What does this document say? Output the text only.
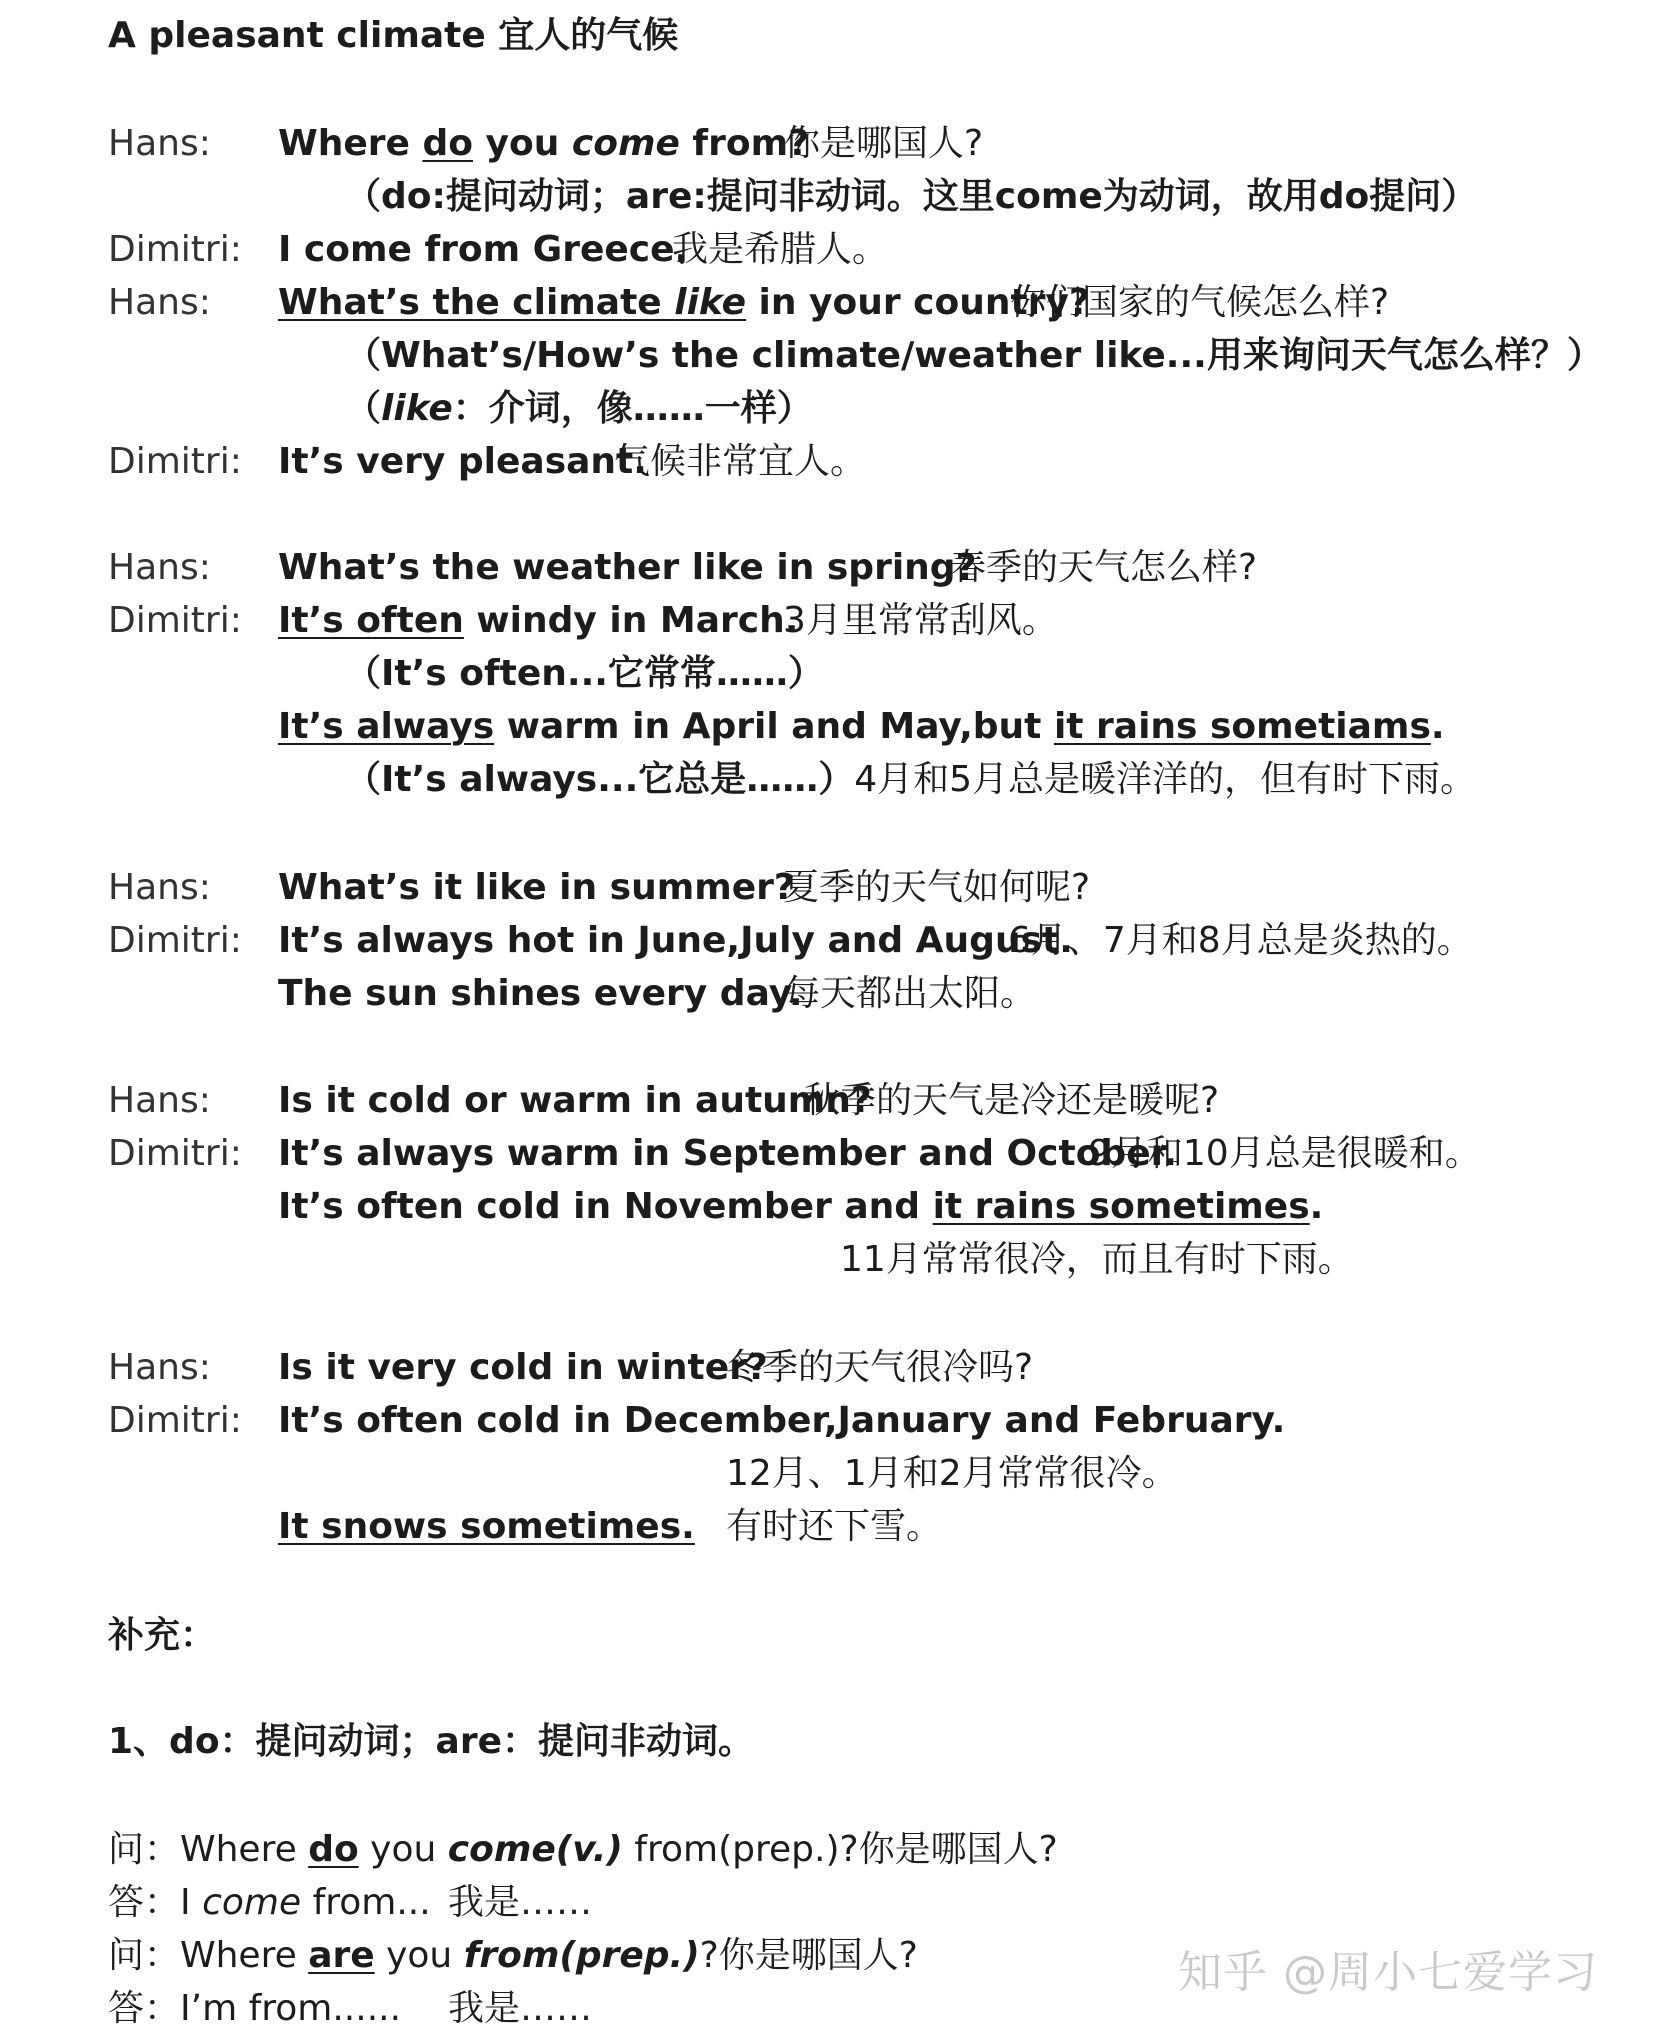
A pleasant climate 宜人的气候
Hans: Where do you come from?
你是哪国人?
（do:提问动词；are:提问非动词。这里come为动词，故用do提问）
Dimitri: I come from Greece.
我是希腊人。
Hans: What’s the climate like in your country?
你们国家的气候怎么样?
（What’s/How’s the climate/weather like...用来询问天气怎么样？）
（like：介词，像……一样）
Dimitri: It’s very pleasant.
气候非常宜人。
Hans: What’s the weather like in spring?
春季的天气怎么样?
Dimitri: It’s often windy in March.
3月里常常刮风。
（It’s often...它常常……）
It’s always warm in April and May,but it rains sometiams.
（It’s always...它总是……）4月和5月总是暖洋洋的，但有时下雨。
Hans: What’s it like in summer?
夏季的天气如何呢?
Dimitri: It’s always hot in June,July and August.
6月、7月和8月总是炎热的。
The sun shines every day.
每天都出太阳。
Hans: Is it cold or warm in autumn?
秋季的天气是冷还是暖呢?
Dimitri: It’s always warm in September and October.
9月和10月总是很暖和。
It’s often cold in November and it rains sometimes.
11月常常很冷，而且有时下雨。
Hans: Is it very cold in winter?
冬季的天气很冷吗?
Dimitri: It’s often cold in December,January and February.
12月、1月和2月常常很冷。
It snows sometimes. 有时还下雪。
补充：
1、do：提问动词；are：提问非动词。
问：Where do you come(v.) from(prep.)?你是哪国人?
答：I come from... 我是……
问：Where are you from(prep.)?你是哪国人?
答：I’m from...... 我是……
知乎 @周小七爱学习
